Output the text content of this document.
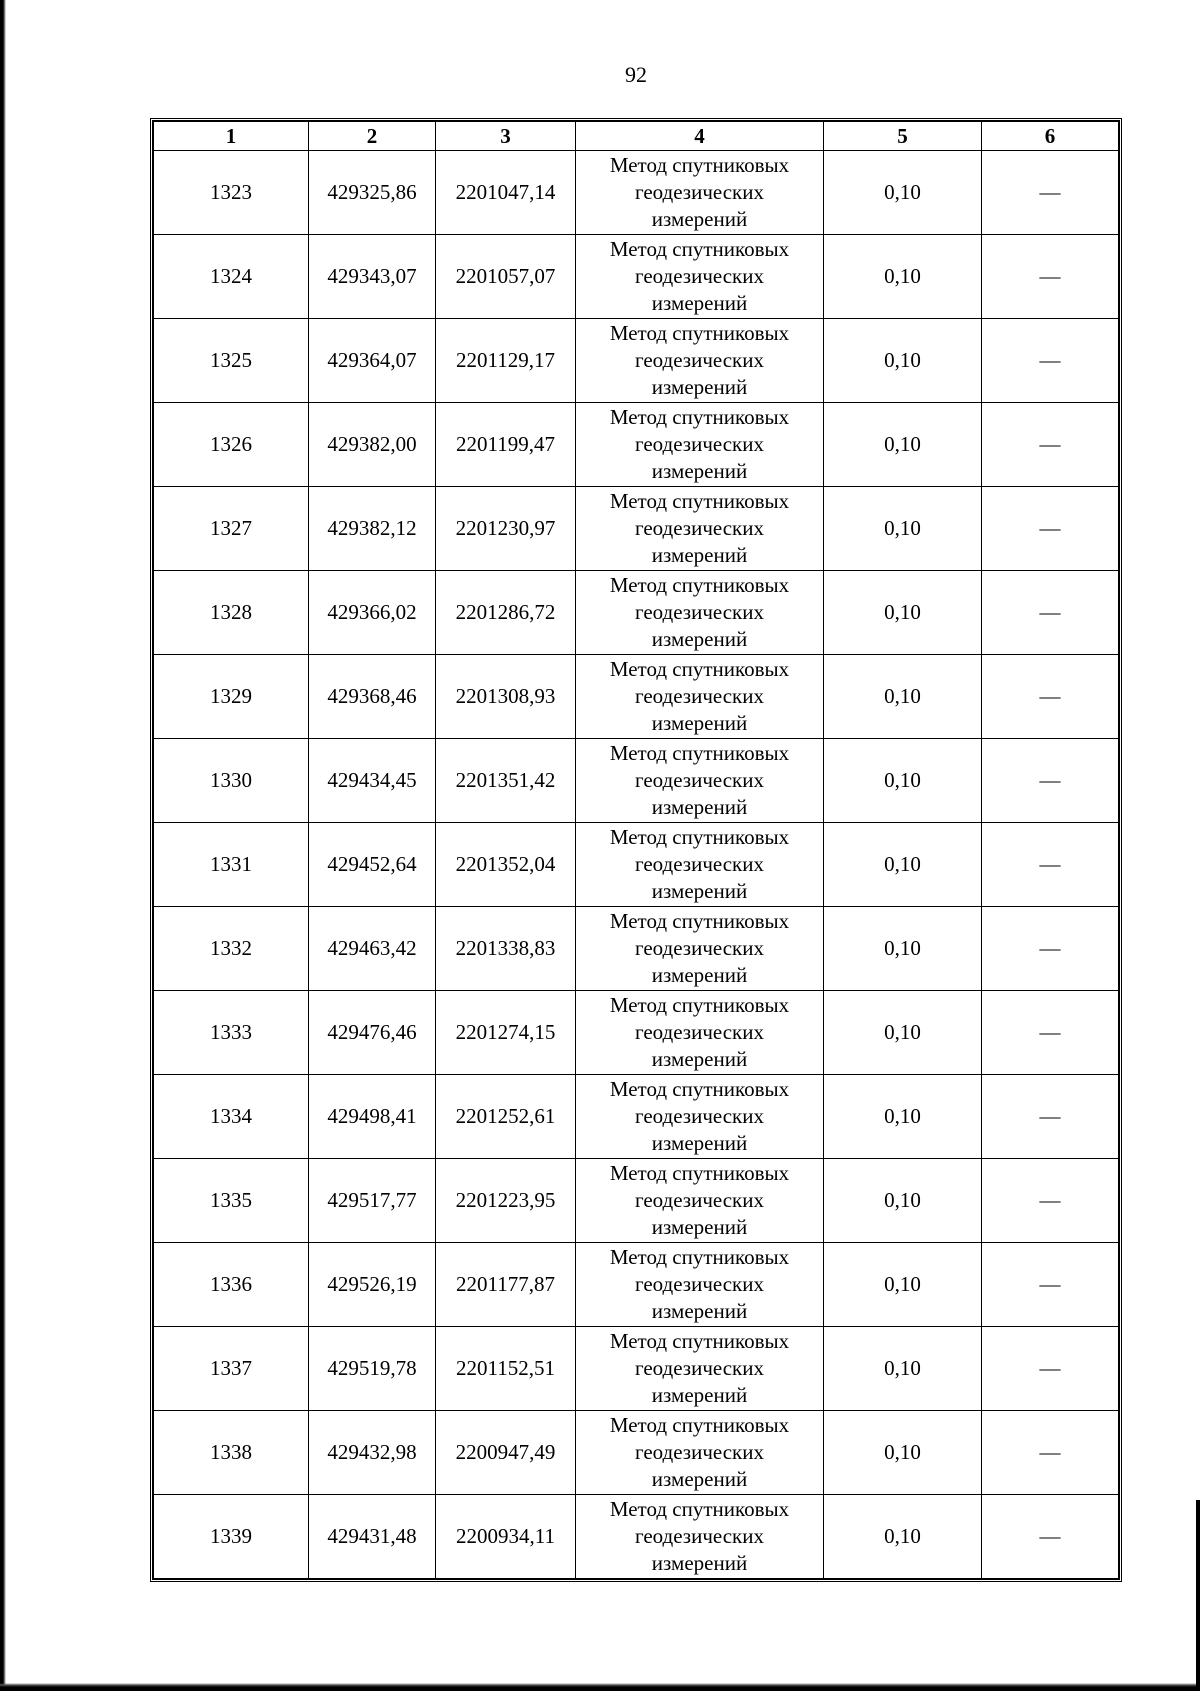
92
1	2	3	4	5	6
1323	429325,86	2201047,14	Метод спутниковых
геодезических
измерений	0,10	—
1324	429343,07	2201057,07	Метод спутниковых
геодезических
измерений	0,10	—
1325	429364,07	2201129,17	Метод спутниковых
геодезических
измерений	0,10	—
1326	429382,00	2201199,47	Метод спутниковых
геодезических
измерений	0,10	—
1327	429382,12	2201230,97	Метод спутниковых
геодезических
измерений	0,10	—
1328	429366,02	2201286,72	Метод спутниковых
геодезических
измерений	0,10	—
1329	429368,46	2201308,93	Метод спутниковых
геодезических
измерений	0,10	—
1330	429434,45	2201351,42	Метод спутниковых
геодезических
измерений	0,10	—
1331	429452,64	2201352,04	Метод спутниковых
геодезических
измерений	0,10	—
1332	429463,42	2201338,83	Метод спутниковых
геодезических
измерений	0,10	—
1333	429476,46	2201274,15	Метод спутниковых
геодезических
измерений	0,10	—
1334	429498,41	2201252,61	Метод спутниковых
геодезических
измерений	0,10	—
1335	429517,77	2201223,95	Метод спутниковых
геодезических
измерений	0,10	—
1336	429526,19	2201177,87	Метод спутниковых
геодезических
измерений	0,10	—
1337	429519,78	2201152,51	Метод спутниковых
геодезических
измерений	0,10	—
1338	429432,98	2200947,49	Метод спутниковых
геодезических
измерений	0,10	—
1339	429431,48	2200934,11	Метод спутниковых
геодезических
измерений	0,10	—
